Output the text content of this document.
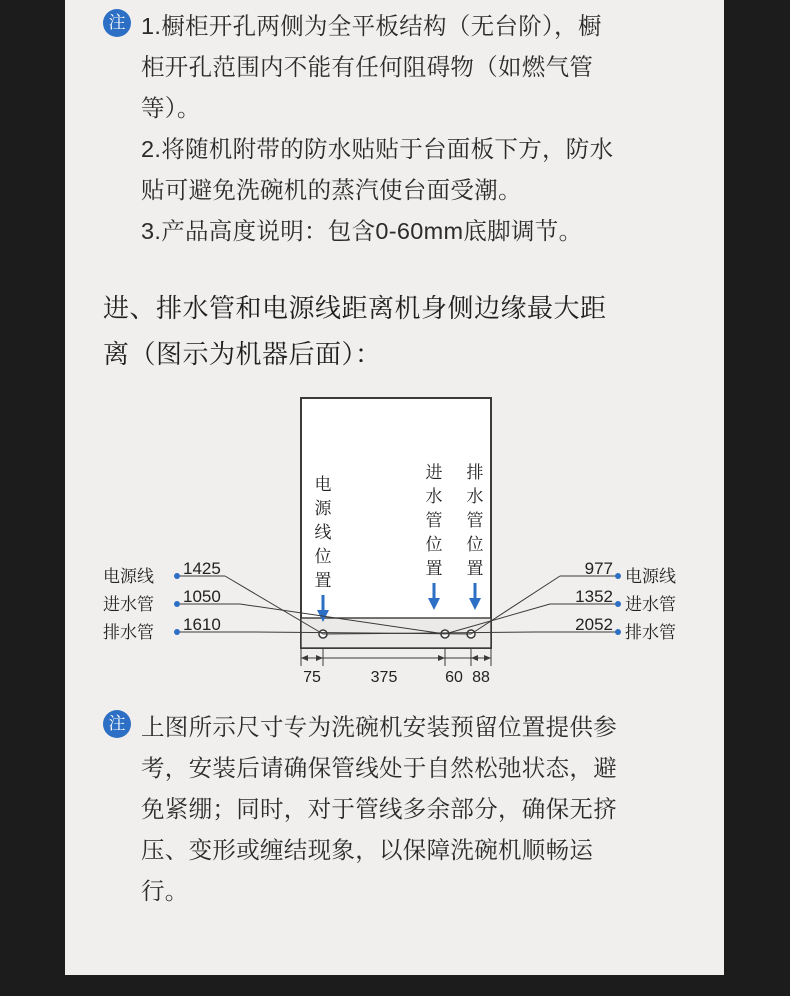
注 1.橱柜开孔两侧为全平板结构（无台阶），橱

柜开孔范围内不能有任何阻碍物（如燃气管

等）。

2.将随机附带的防水贴贴于台面板下方，防水

贴可避免洗碗机的蒸汽使台面受潮。

3.产品高度说明：包含0-60mm底脚调节。

进、排水管和电源线距离机身侧边缘最大距
离（图示为机器后面）：
电
源
线
位
置
进
水
管
位
置
排
水
管
位
置
电源线
进水管
排水管
1425
1050
1610
977
1352
2052
电源线
进水管
排水管
75	375	60 88
注 上图所示尺寸专为洗碗机安装预留位置提供参

考，安装后请确保管线处于自然松弛状态，避

免紧绷；同时，对于管线多余部分，确保无挤

压、变形或缠结现象，以保障洗碗机顺畅运

行。
